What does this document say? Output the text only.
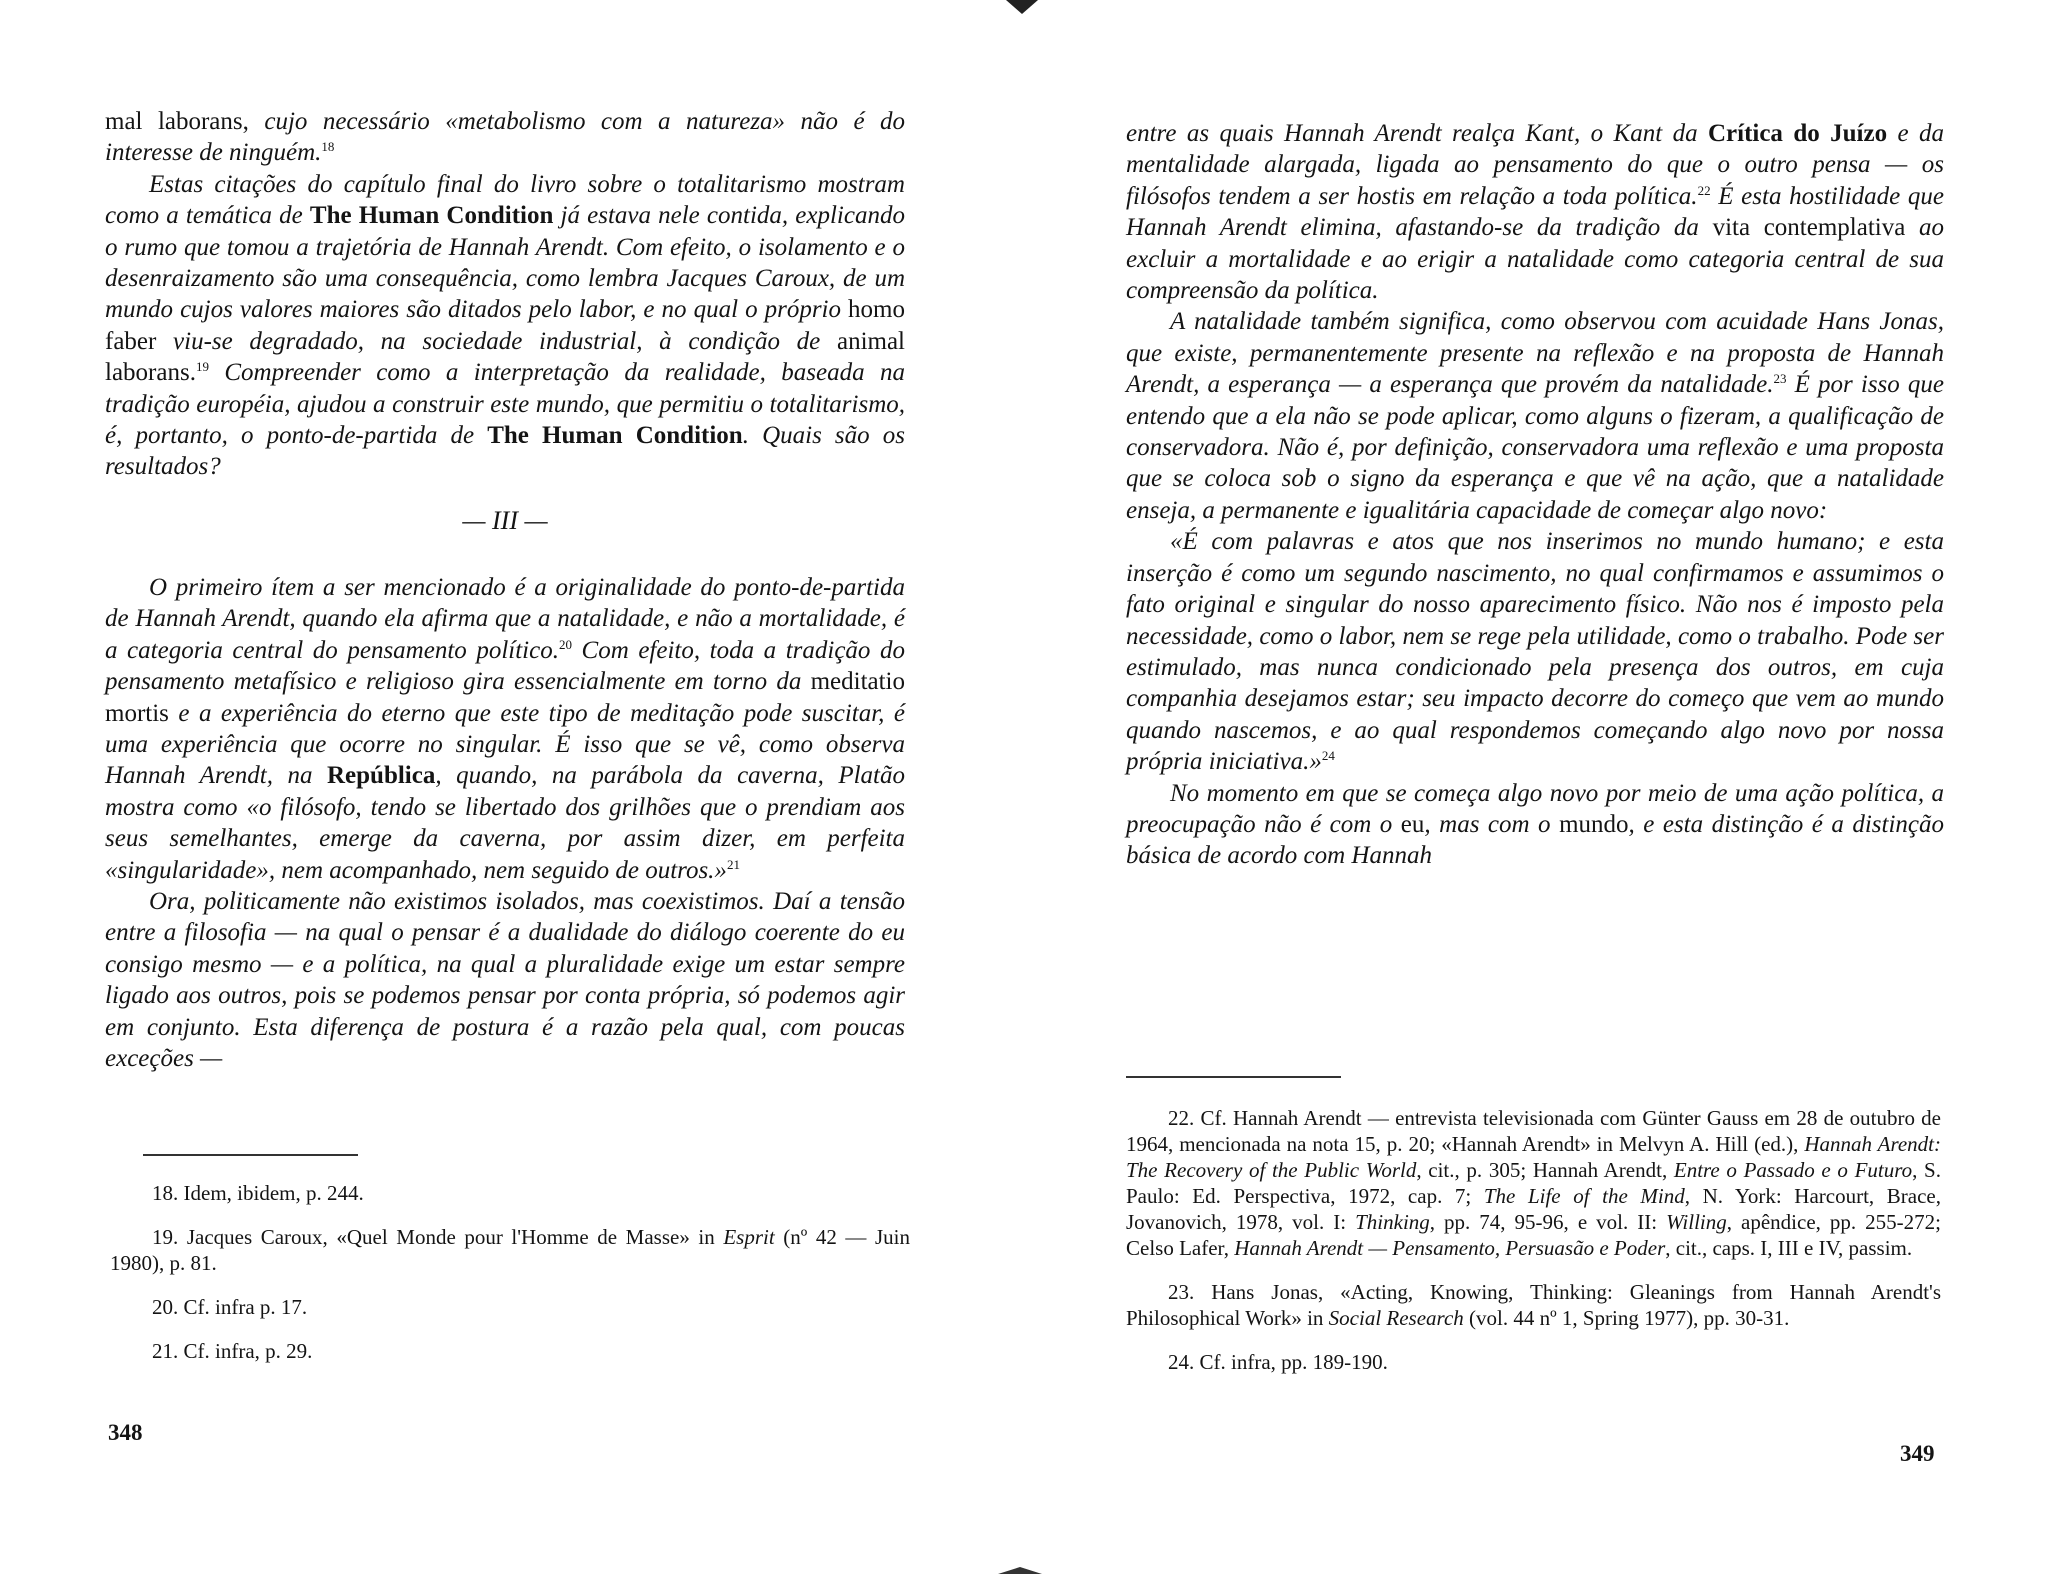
mal laborans, cujo necessário «metabolismo com a natureza» não é do interesse de ninguém.$^{18}$

Estas citações do capítulo final do livro sobre o totalitarismo mostram como a temática de The Human Condition já estava nele contida, explicando o rumo que tomou a trajetória de Hannah Arendt. Com efeito, o isolamento e o desenraizamento são uma consequência, como lembra Jacques Caroux, de um mundo cujos valores maiores são ditados pelo labor, e no qual o próprio homo faber viu-se degradado, na sociedade industrial, à condição de animal laborans.$^{19}$ Compreender como a interpretação da realidade, baseada na tradição européia, ajudou a construir este mundo, que permitiu o totalitarismo, é, portanto, o ponto-de-partida de The Human Condition. Quais são os resultados?

— III —

O primeiro ítem a ser mencionado é a originalidade do ponto-de-partida de Hannah Arendt, quando ela afirma que a natalidade, e não a mortalidade, é a categoria central do pensamento político.$^{20}$ Com efeito, toda a tradição do pensamento metafísico e religioso gira essencialmente em torno da meditatio mortis e a experiência do eterno que este tipo de meditação pode suscitar, é uma experiência que ocorre no singular. É isso que se vê, como observa Hannah Arendt, na República, quando, na parábola da caverna, Platão mostra como «o filósofo, tendo se libertado dos grilhões que o prendiam aos seus semelhantes, emerge da caverna, por assim dizer, em perfeita «singularidade», nem acompanhado, nem seguido de outros.»$^{21}$

Ora, politicamente não existimos isolados, mas coexistimos. Daí a tensão entre a filosofia — na qual o pensar é a dualidade do diálogo coerente do eu consigo mesmo — e a política, na qual a pluralidade exige um estar sempre ligado aos outros, pois se podemos pensar por conta própria, só podemos agir em conjunto. Esta diferença de postura é a razão pela qual, com poucas exceções —

18. Idem, ibidem, p. 244.

19. Jacques Caroux, «Quel Monde pour l'Homme de Masse» in Esprit (nº 42 — Juin 1980), p. 81.

20. Cf. infra p. 17.

21. Cf. infra, p. 29.

348

entre as quais Hannah Arendt realça Kant, o Kant da Crítica do Juízo e da mentalidade alargada, ligada ao pensamento do que o outro pensa — os filósofos tendem a ser hostis em relação a toda política.$^{22}$ É esta hostilidade que Hannah Arendt elimina, afastando-se da tradição da vita contemplativa ao excluir a mortalidade e ao erigir a natalidade como categoria central de sua compreensão da política.

A natalidade também significa, como observou com acuidade Hans Jonas, que existe, permanentemente presente na reflexão e na proposta de Hannah Arendt, a esperança — a esperança que provém da natalidade.$^{23}$ É por isso que entendo que a ela não se pode aplicar, como alguns o fizeram, a qualificação de conservadora. Não é, por definição, conservadora uma reflexão e uma proposta que se coloca sob o signo da esperança e que vê na ação, que a natalidade enseja, a permanente e igualitária capacidade de começar algo novo:

«É com palavras e atos que nos inserimos no mundo humano; e esta inserção é como um segundo nascimento, no qual confirmamos e assumimos o fato original e singular do nosso aparecimento físico. Não nos é imposto pela necessidade, como o labor, nem se rege pela utilidade, como o trabalho. Pode ser estimulado, mas nunca condicionado pela presença dos outros, em cuja companhia desejamos estar; seu impacto decorre do começo que vem ao mundo quando nascemos, e ao qual respondemos começando algo novo por nossa própria iniciativa.»$^{24}$

No momento em que se começa algo novo por meio de uma ação política, a preocupação não é com o eu, mas com o mundo, e esta distinção é a distinção básica de acordo com Hannah

22. Cf. Hannah Arendt — entrevista televisionada com Günter Gauss em 28 de outubro de 1964, mencionada na nota 15, p. 20; «Hannah Arendt» in Melvyn A. Hill (ed.), Hannah Arendt: The Recovery of the Public World, cit., p. 305; Hannah Arendt, Entre o Passado e o Futuro, S. Paulo: Ed. Perspectiva, 1972, cap. 7; The Life of the Mind, N. York: Harcourt, Brace, Jovanovich, 1978, vol. I: Thinking, pp. 74, 95-96, e vol. II: Willing, apêndice, pp. 255-272; Celso Lafer, Hannah Arendt — Pensamento, Persuasão e Poder, cit., caps. I, III e IV, passim.

23. Hans Jonas, «Acting, Knowing, Thinking: Gleanings from Hannah Arendt's Philosophical Work» in Social Research (vol. 44 nº 1, Spring 1977), pp. 30-31.

24. Cf. infra, pp. 189-190.

349
